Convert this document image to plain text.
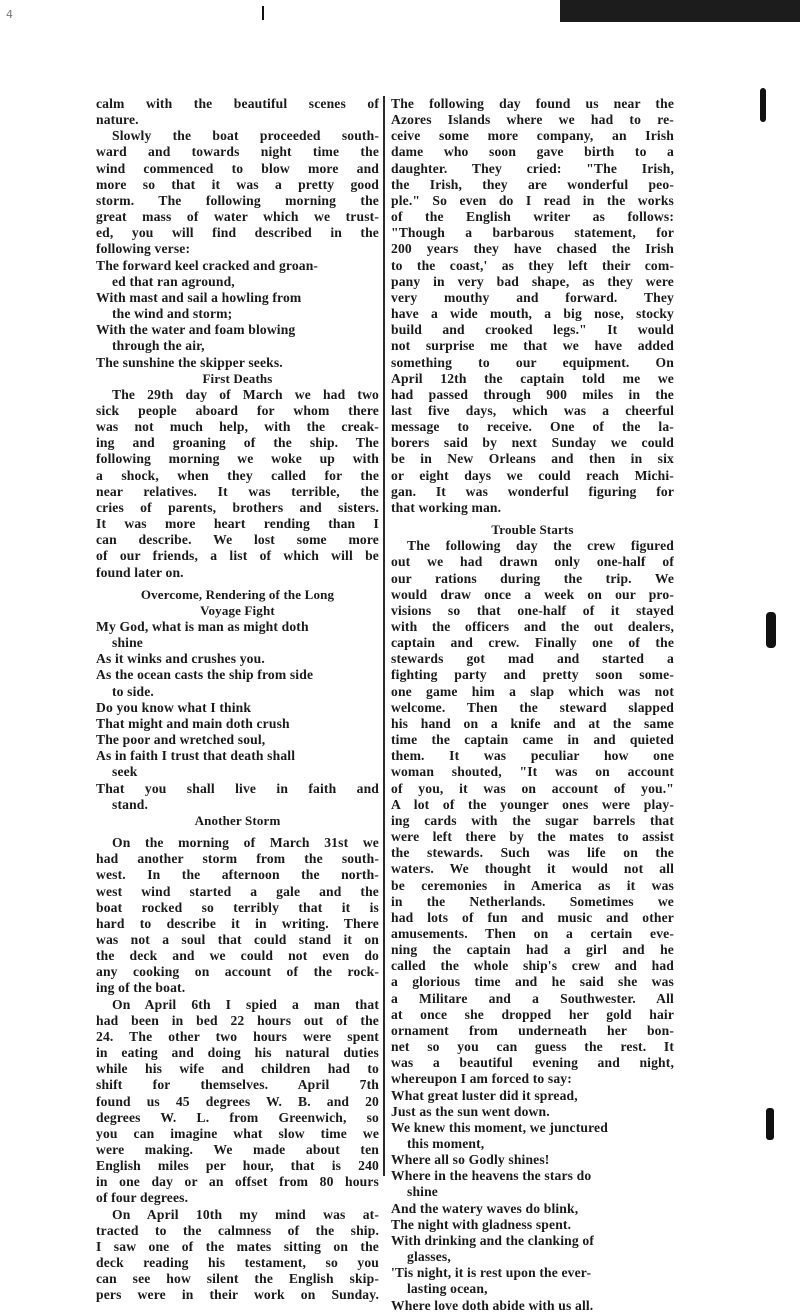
4
calm with the beautiful scenes of
nature.
Slowly the boat proceeded south-
ward and towards night time the
wind commenced to blow more and
more so that it was a pretty good
storm. The following morning the
great mass of water which we trust-
ed, you will find described in the
following verse:
The forward keel cracked and groan-
ed that ran aground,
With mast and sail a howling from
the wind and storm;
With the water and foam blowing
through the air,
The sunshine the skipper seeks.
First Deaths
The 29th day of March we had two
sick people aboard for whom there
was not much help, with the creak-
ing and groaning of the ship. The
following morning we woke up with
a shock, when they called for the
near relatives. It was terrible, the
cries of parents, brothers and sisters.
It was more heart rending than I
can describe. We lost some more
of our friends, a list of which will be
found later on.
Overcome, Rendering of the Long
Voyage Fight
My God, what is man as might doth
shine
As it winks and crushes you.
As the ocean casts the ship from side
to side.
Do you know what I think
That might and main doth crush
The poor and wretched soul,
As in faith I trust that death shall
seek
That you shall live in faith and
stand.
Another Storm
On the morning of March 31st we
had another storm from the south-
west. In the afternoon the north-
west wind started a gale and the
boat rocked so terribly that it is
hard to describe it in writing. There
was not a soul that could stand it on
the deck and we could not even do
any cooking on account of the rock-
ing of the boat.
On April 6th I spied a man that
had been in bed 22 hours out of the
24. The other two hours were spent
in eating and doing his natural duties
while his wife and children had to
shift for themselves. April 7th
found us 45 degrees W. B. and 20
degrees W. L. from Greenwich, so
you can imagine what slow time we
were making. We made about ten
English miles per hour, that is 240
in one day or an offset from 80 hours
of four degrees.
On April 10th my mind was at-
tracted to the calmness of the ship.
I saw one of the mates sitting on the
deck reading his testament, so you
can see how silent the English skip-
pers were in their work on Sunday.
The following day found us near the
Azores Islands where we had to re-
ceive some more company, an Irish
dame who soon gave birth to a
daughter. They cried: "The Irish,
the Irish, they are wonderful peo-
ple." So even do I read in the works
of the English writer as follows:
"Though a barbarous statement, for
200 years they have chased the Irish
to the coast,' as they left their com-
pany in very bad shape, as they were
very mouthy and forward. They
have a wide mouth, a big nose, stocky
build and crooked legs." It would
not surprise me that we have added
something to our equipment. On
April 12th the captain told me we
had passed through 900 miles in the
last five days, which was a cheerful
message to receive. One of the la-
borers said by next Sunday we could
be in New Orleans and then in six
or eight days we could reach Michi-
gan. It was wonderful figuring for
that working man.
Trouble Starts
The following day the crew figured
out we had drawn only one-half of
our rations during the trip. We
would draw once a week on our pro-
visions so that one-half of it stayed
with the officers and the out dealers,
captain and crew. Finally one of the
stewards got mad and started a
fighting party and pretty soon some-
one game him a slap which was not
welcome. Then the steward slapped
his hand on a knife and at the same
time the captain came in and quieted
them. It was peculiar how one
woman shouted, "It was on account
of you, it was on account of you."
A lot of the younger ones were play-
ing cards with the sugar barrels that
were left there by the mates to assist
the stewards. Such was life on the
waters. We thought it would not all
be ceremonies in America as it was
in the Netherlands. Sometimes we
had lots of fun and music and other
amusements. Then on a certain eve-
ning the captain had a girl and he
called the whole ship's crew and had
a glorious time and he said she was
a Militare and a Southwester. All
at once she dropped her gold hair
ornament from underneath her bon-
net so you can guess the rest. It
was a beautiful evening and night,
whereupon I am forced to say:
What great luster did it spread,
Just as the sun went down.
We knew this moment, we junctured
this moment,
Where all so Godly shines!
Where in the heavens the stars do
shine
And the watery waves do blink,
The night with gladness spent.
With drinking and the clanking of
glasses,
'Tis night, it is rest upon the ever-
lasting ocean,
Where love doth abide with us all.
